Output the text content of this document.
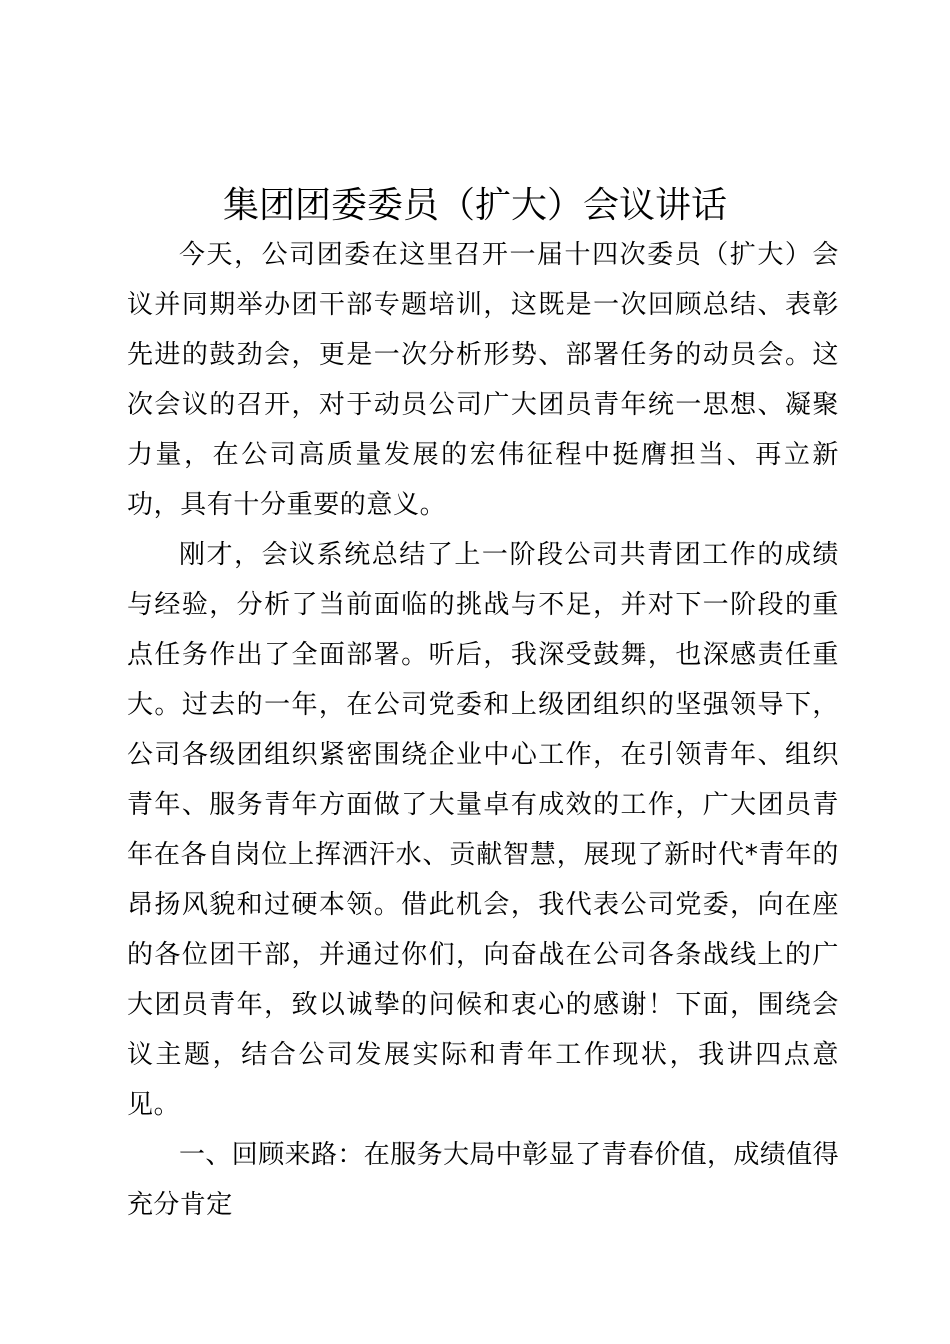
集团团委委员（扩大）会议讲话

今天，公司团委在这里召开一届十四次委员（扩大）会议并同期举办团干部专题培训，这既是一次回顾总结、表彰先进的鼓劲会，更是一次分析形势、部署任务的动员会。这次会议的召开，对于动员公司广大团员青年统一思想、凝聚力量，在公司高质量发展的宏伟征程中挺膺担当、再立新功，具有十分重要的意义。

刚才，会议系统总结了上一阶段公司共青团工作的成绩与经验，分析了当前面临的挑战与不足，并对下一阶段的重点任务作出了全面部署。听后，我深受鼓舞，也深感责任重大。过去的一年，在公司党委和上级团组织的坚强领导下，公司各级团组织紧密围绕企业中心工作，在引领青年、组织青年、服务青年方面做了大量卓有成效的工作，广大团员青年在各自岗位上挥洒汗水、贡献智慧，展现了新时代*青年的昂扬风貌和过硬本领。借此机会，我代表公司党委，向在座的各位团干部，并通过你们，向奋战在公司各条战线上的广大团员青年，致以诚挚的问候和衷心的感谢！下面，围绕会议主题，结合公司发展实际和青年工作现状，我讲四点意见。

一、回顾来路：在服务大局中彰显了青春价值，成绩值得充分肯定
